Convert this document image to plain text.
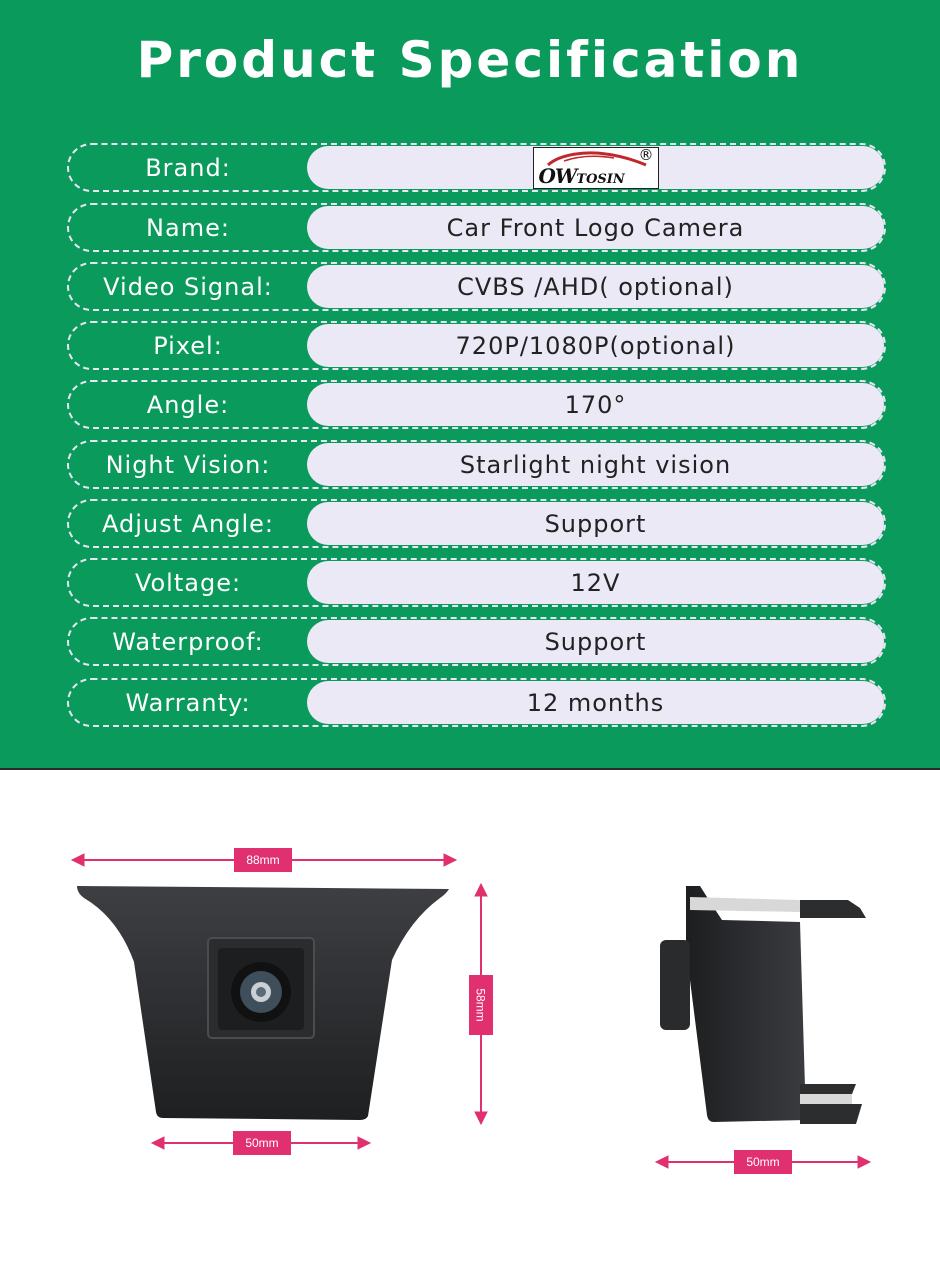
Product Specification
Brand:	OWTOSIN
®
Name:	Car Front Logo Camera
Video Signal:	CVBS /AHD( optional)
Pixel:	720P/1080P(optional)
Angle:	170°
Night Vision:	Starlight night vision
Adjust Angle:	Support
Voltage:	12V
Waterproof:	Support
Warranty:	12 months
88mm
58mm
50mm
50mm
